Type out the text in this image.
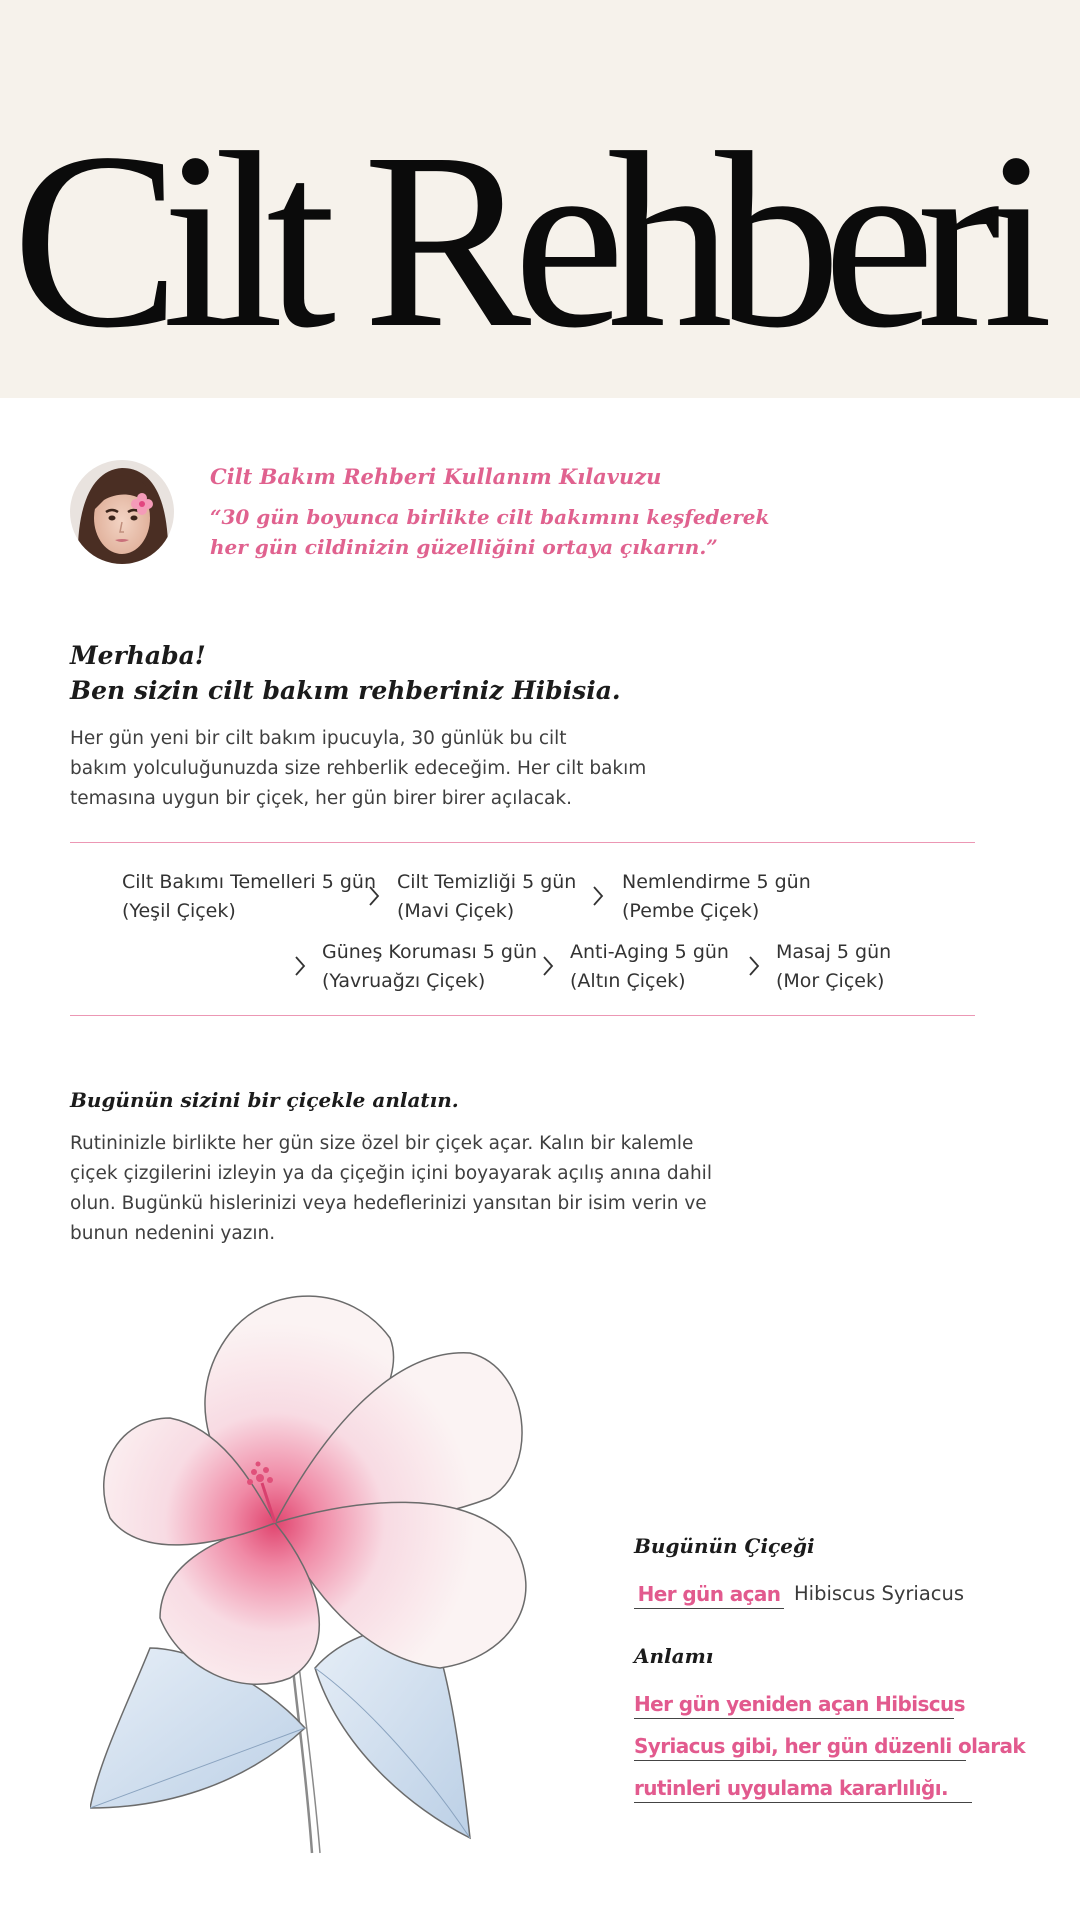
Cilt Rehberi
Cilt Bakım Rehberi Kullanım Kılavuzu
“30 gün boyunca birlikte cilt bakımını keşfederek
her gün cildinizin güzelliğini ortaya çıkarın.”
Merhaba!
Ben sizin cilt bakım rehberiniz Hibisia.
Her gün yeni bir cilt bakım ipucuyla, 30 günlük bu cilt
bakım yolculuğunuzda size rehberlik edeceğim. Her cilt bakım
temasına uygun bir çiçek, her gün birer birer açılacak.
Cilt Bakımı Temelleri 5 gün
(Yeşil Çiçek)
Cilt Temizliği 5 gün
(Mavi Çiçek)
Nemlendirme 5 gün
(Pembe Çiçek)
Güneş Koruması 5 gün
(Yavruağzı Çiçek)
Anti-Aging 5 gün
(Altın Çiçek)
Masaj 5 gün
(Mor Çiçek)
Bugünün sizini bir çiçekle anlatın.
Rutininizle birlikte her gün size özel bir çiçek açar. Kalın bir kalemle
çiçek çizgilerini izleyin ya da çiçeğin içini boyayarak açılış anına dahil
olun. Bugünkü hislerinizi veya hedeflerinizi yansıtan bir isim verin ve
bunun nedenini yazın.
Bugünün Çiçeği
Her gün açan Hibiscus Syriacus
Anlamı
Her gün yeniden açan Hibiscus
Syriacus gibi, her gün düzenli olarak
rutinleri uygulama kararlılığı.
